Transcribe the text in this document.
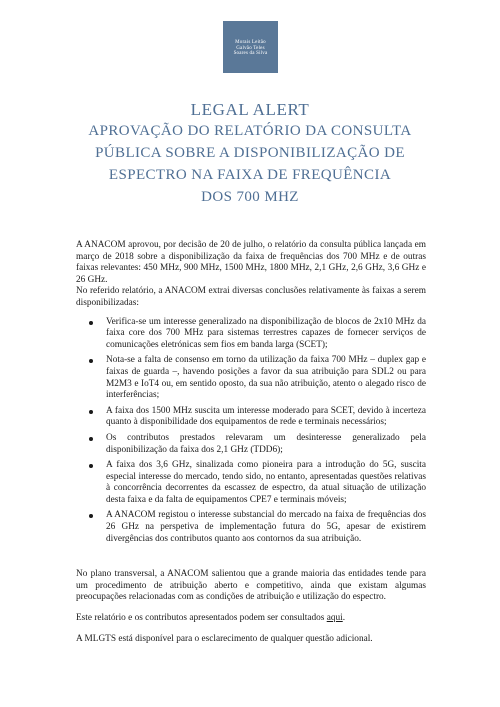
Morais Leitão
Galvão Teles
Soares da Silva
LEGAL ALERT
APROVAÇÃO DO RELATÓRIO DA CONSULTA
PÚBLICA SOBRE A DISPONIBILIZAÇÃO DE
ESPECTRO NA FAIXA DE FREQUÊNCIA
DOS 700 MHZ

A ANACOM aprovou, por decisão de 20 de julho, o relatório da consulta pública lançada em março de 2018 sobre a disponibilização da faixa de frequências dos 700 MHz e de outras faixas relevantes: 450 MHz, 900 MHz, 1500 MHz, 1800 MHz, 2,1 GHz, 2,6 GHz, 3,6 GHz e 26 GHz.

No referido relatório, a ANACOM extrai diversas conclusões relativamente às faixas a serem disponibilizadas:

Verifica-se um interesse generalizado na disponibilização de blocos de 2x10 MHz da faixa core dos 700 MHz para sistemas terrestres capazes de fornecer serviços de comunicações eletrónicas sem fios em banda larga (SCET);
Nota-se a falta de consenso em torno da utilização da faixa 700 MHz – duplex gap e faixas de guarda –, havendo posições a favor da sua atribuição para SDL2 ou para M2M3 e IoT4 ou, em sentido oposto, da sua não atribuição, atento o alegado risco de interferências;
A faixa dos 1500 MHz suscita um interesse moderado para SCET, devido à incerteza quanto à disponibilidade dos equipamentos de rede e terminais necessários;
Os contributos prestados relevaram um desinteresse generalizado pela disponibilização da faixa dos 2,1 GHz (TDD6);
A faixa dos 3,6 GHz, sinalizada como pioneira para a introdução do 5G, suscita especial interesse do mercado, tendo sido, no entanto, apresentadas questões relativas à concorrência decorrentes da escassez de espectro, da atual situação de utilização desta faixa e da falta de equipamentos CPE7 e terminais móveis;
A ANACOM registou o interesse substancial do mercado na faixa de frequências dos 26 GHz na perspetiva de implementação futura do 5G, apesar de existirem divergências dos contributos quanto aos contornos da sua atribuição.

No plano transversal, a ANACOM salientou que a grande maioria das entidades tende para um procedimento de atribuição aberto e competitivo, ainda que existam algumas preocupações relacionadas com as condições de atribuição e utilização do espectro.

Este relatório e os contributos apresentados podem ser consultados aqui.

A MLGTS está disponível para o esclarecimento de qualquer questão adicional.
